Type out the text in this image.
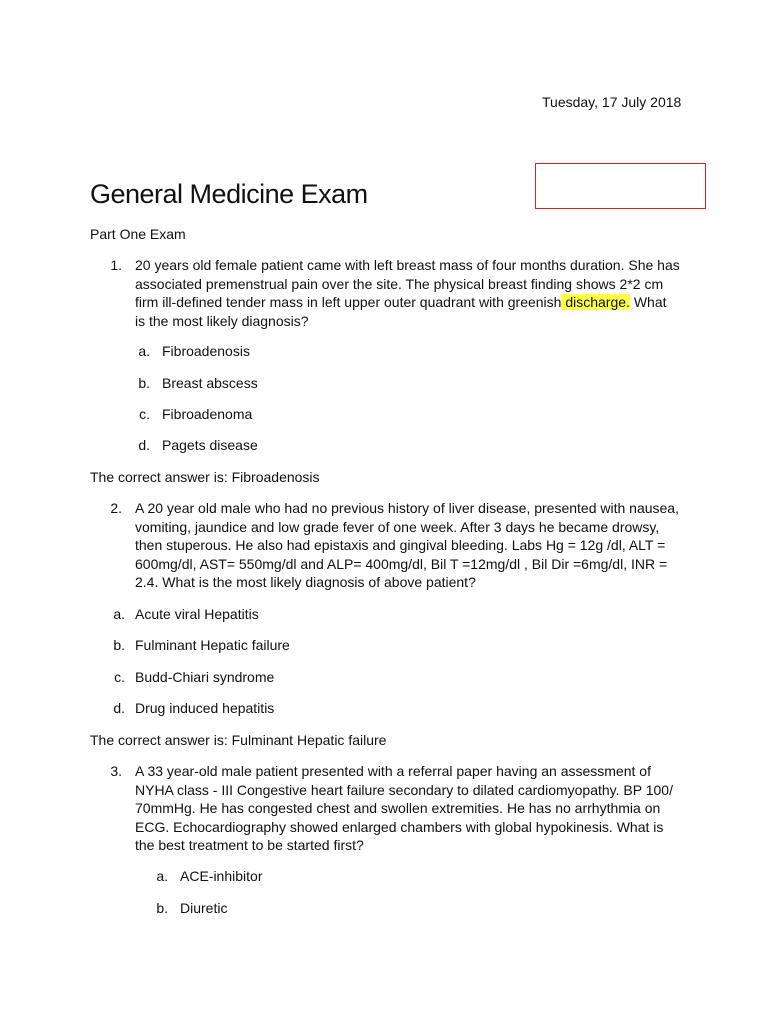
Tuesday, 17 July 2018
General Medicine Exam
Part One Exam
1. 20 years old female patient came with left breast mass of four months duration. She has associated premenstrual pain over the site. The physical breast finding shows 2*2 cm firm ill-defined tender mass in left upper outer quadrant with greenish discharge. What is the most likely diagnosis?
a. Fibroadenosis
b. Breast abscess
c. Fibroadenoma
d. Pagets disease
The correct answer is: Fibroadenosis
2. A 20 year old male who had no previous history of liver disease, presented with nausea, vomiting, jaundice and low grade fever of one week. After 3 days he became drowsy, then stuperous. He also had epistaxis and gingival bleeding. Labs Hg = 12g /dl, ALT = 600mg/dl, AST= 550mg/dl and ALP= 400mg/dl, Bil T =12mg/dl , Bil Dir =6mg/dl, INR = 2.4. What is the most likely diagnosis of above patient?
a. Acute viral Hepatitis
b. Fulminant Hepatic failure
c. Budd-Chiari syndrome
d. Drug induced hepatitis
The correct answer is: Fulminant Hepatic failure
3. A 33 year-old male patient presented with a referral paper having an assessment of NYHA class - III Congestive heart failure secondary to dilated cardiomyopathy. BP 100/ 70mmHg. He has congested chest and swollen extremities. He has no arrhythmia on ECG. Echocardiography showed enlarged chambers with global hypokinesis. What is the best treatment to be started first?
a. ACE-inhibitor
b. Diuretic
